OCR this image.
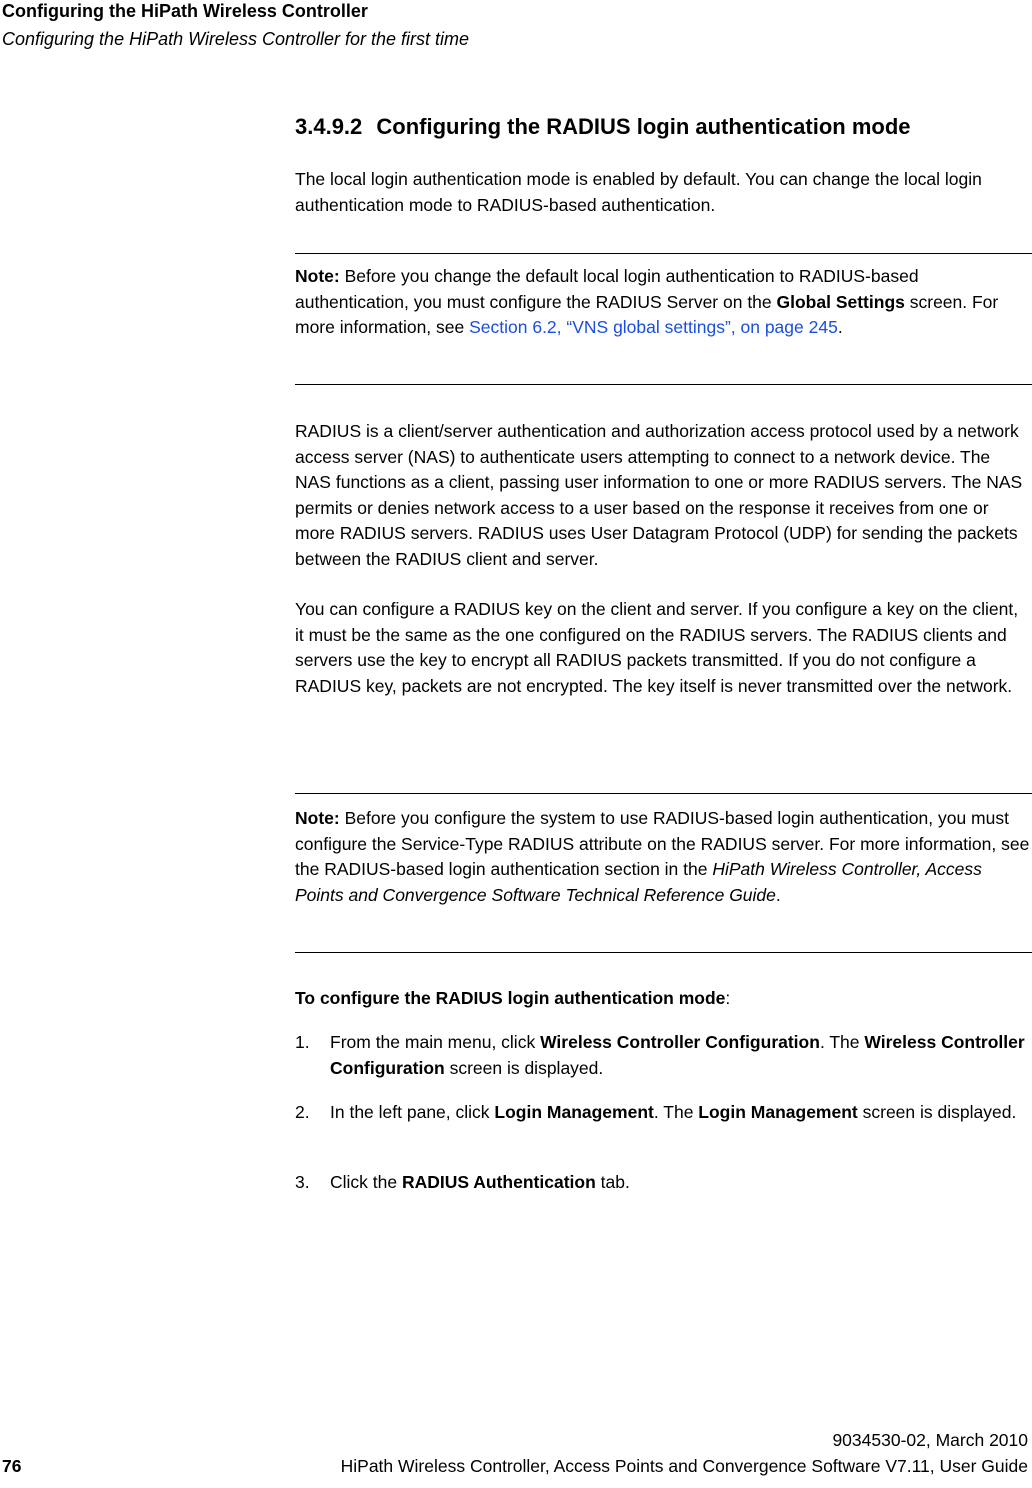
Configuring the HiPath Wireless Controller
Configuring the HiPath Wireless Controller for the first time
3.4.9.2 Configuring the RADIUS login authentication mode
The local login authentication mode is enabled by default. You can change the local login authentication mode to RADIUS-based authentication.
Note: Before you change the default local login authentication to RADIUS-based authentication, you must configure the RADIUS Server on the Global Settings screen. For more information, see Section 6.2, “VNS global settings”, on page 245.
RADIUS is a client/server authentication and authorization access protocol used by a network access server (NAS) to authenticate users attempting to connect to a network device. The NAS functions as a client, passing user information to one or more RADIUS servers. The NAS permits or denies network access to a user based on the response it receives from one or more RADIUS servers. RADIUS uses User Datagram Protocol (UDP) for sending the packets between the RADIUS client and server.
You can configure a RADIUS key on the client and server. If you configure a key on the client, it must be the same as the one configured on the RADIUS servers. The RADIUS clients and servers use the key to encrypt all RADIUS packets transmitted. If you do not configure a RADIUS key, packets are not encrypted. The key itself is never transmitted over the network.
Note: Before you configure the system to use RADIUS-based login authentication, you must configure the Service-Type RADIUS attribute on the RADIUS server. For more information, see the RADIUS-based login authentication section in the HiPath Wireless Controller, Access Points and Convergence Software Technical Reference Guide.
To configure the RADIUS login authentication mode:
1. From the main menu, click Wireless Controller Configuration. The Wireless Controller Configuration screen is displayed.
2. In the left pane, click Login Management. The Login Management screen is displayed.
3. Click the RADIUS Authentication tab.
9034530-02, March 2010
76	HiPath Wireless Controller, Access Points and Convergence Software V7.11, User Guide
